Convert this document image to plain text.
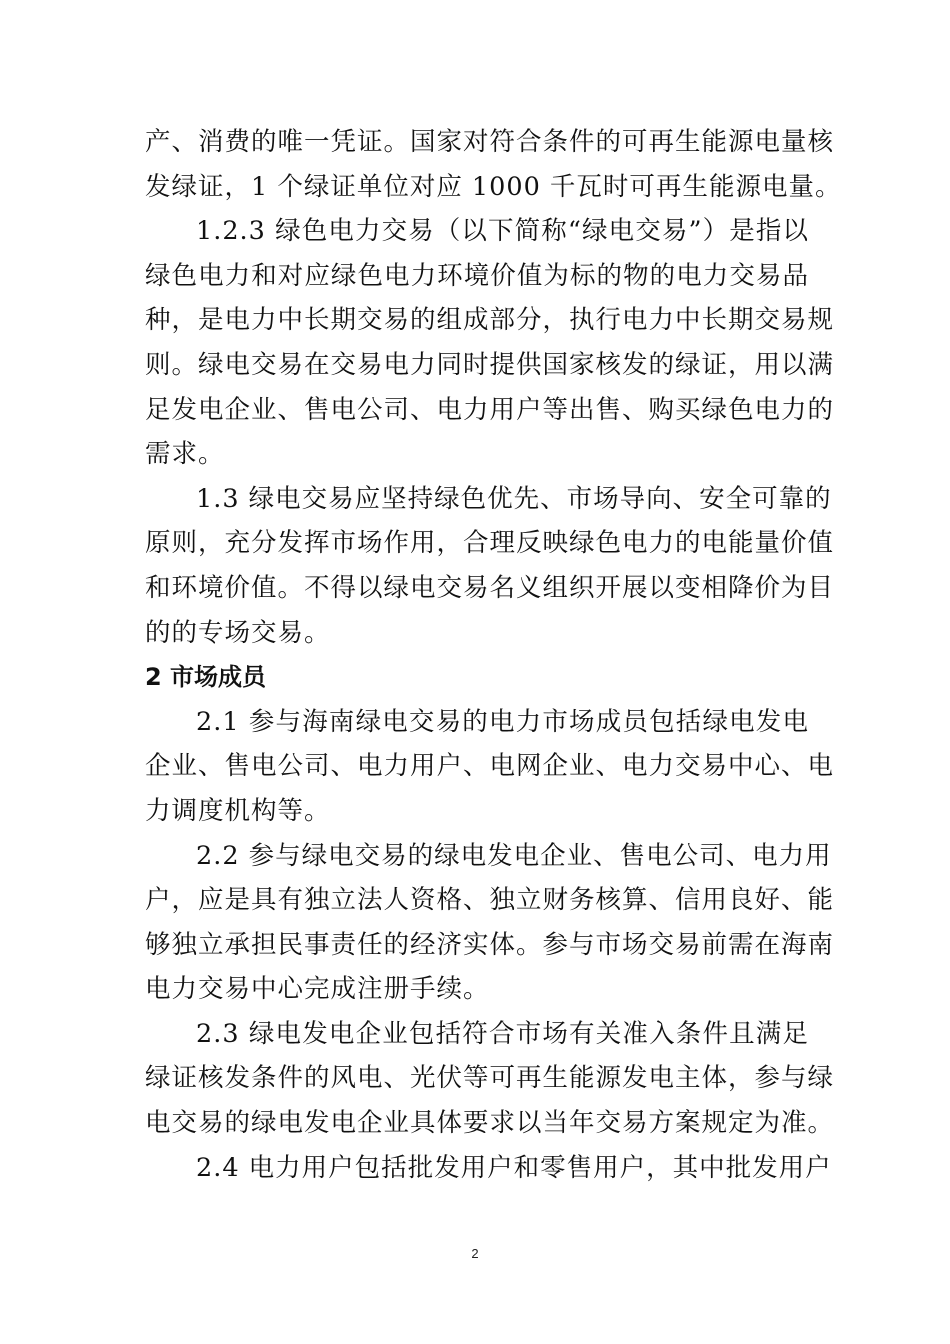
产、消费的唯一凭证。国家对符合条件的可再生能源电量核
发绿证，1 个绿证单位对应 1000 千瓦时可再生能源电量。
1.2.3 绿色电力交易（以下简称“绿电交易”）是指以
绿色电力和对应绿色电力环境价值为标的物的电力交易品
种，是电力中长期交易的组成部分，执行电力中长期交易规
则。绿电交易在交易电力同时提供国家核发的绿证，用以满
足发电企业、售电公司、电力用户等出售、购买绿色电力的
需求。
1.3 绿电交易应坚持绿色优先、市场导向、安全可靠的
原则，充分发挥市场作用，合理反映绿色电力的电能量价值
和环境价值。不得以绿电交易名义组织开展以变相降价为目
的的专场交易。
2 市场成员
2.1 参与海南绿电交易的电力市场成员包括绿电发电
企业、售电公司、电力用户、电网企业、电力交易中心、电
力调度机构等。
2.2 参与绿电交易的绿电发电企业、售电公司、电力用
户，应是具有独立法人资格、独立财务核算、信用良好、能
够独立承担民事责任的经济实体。参与市场交易前需在海南
电力交易中心完成注册手续。
2.3 绿电发电企业包括符合市场有关准入条件且满足
绿证核发条件的风电、光伏等可再生能源发电主体，参与绿
电交易的绿电发电企业具体要求以当年交易方案规定为准。
2.4 电力用户包括批发用户和零售用户，其中批发用户
2
